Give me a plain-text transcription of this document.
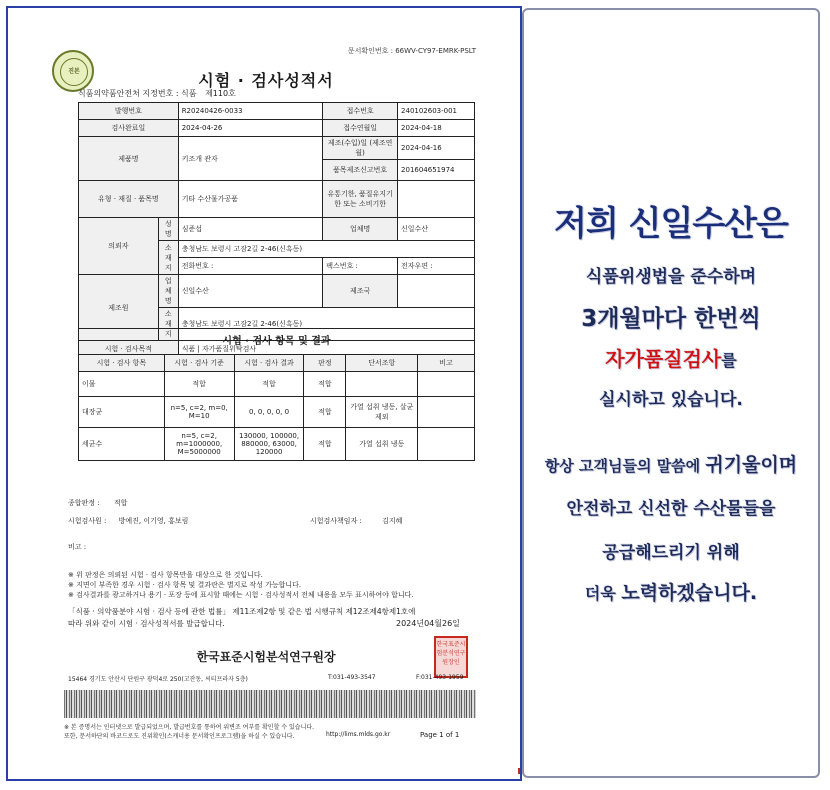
진본
문서확인번호 : 66WV-CY97-EMRK-PSLT
시험 · 검사성적서
식품의약품안전처 지정번호 : 식품 제110호
발행번호		R20240426-0033	접수번호	240102603-001
검사완료일		2024-04-26	접수연월일	2024-04-18
제품명		키조개 관자	제조(수입)일 (제조연월)	2024-04-16
			품목제조신고번호	201604651974
유형 · 재질 · 품목명		기타 수산물가공품	유통기한, 품질유지기한 또는 소비기한	
의뢰자	성명	심준섭	업체명	신일수산
	소재지	충청남도 보령시 고잠2길 2-46(신흑동)		
		전화번호 :	팩스번호 :	전자우편 :
제조원	업체명	신일수산	제조국	
	소재지	충청남도 보령시 고잠2길 2-46(신흑동)		
시험 · 검사목적		식품 | 자가품질위탁검사		
시험 · 검사 항목 및 결과
시험 · 검사 항목	시험 · 검사 기준	시험 · 검사 결과	판정	단서조항	비고
이물	적합	적합	적합		
대장균	n=5, c=2, m=0, M=10	0, 0, 0, 0, 0	적합	가열 섭취 냉동, 살균제외	
세균수	n=5, c=2, m=1000000, M=5000000	130000, 100000, 880000, 63000, 120000	적합	가열 섭취 냉동	
종합판정 : 적합
시험검사원 : 방예진, 이기영, 홍보림	시험검사책임자 :	김지혜
비고 :
※ 위 판정은 의뢰된 시험 · 검사 항목만을 대상으로 한 것입니다.
※ 지면이 부족한 경우 시험 · 검사 항목 및 결과란은 별지로 작성 가능합니다.
※ 검사결과를 광고하거나 용기 · 포장 등에 표시할 때에는 시험 · 검사성적서 전체 내용을 모두 표시하여야 합니다.
「식품 · 의약품분야 시험 · 검사 등에 관한 법률」 제11조제2항 및 같은 법 시행규칙 제12조제4항제1호에
따라 위와 같이 시험 · 검사성적서를 발급합니다.	2024년04월26일
한국표준시험분석연구원장
한국표준시험분석연구원장인
15464 경기도 안산시 단원구 광덕4로 250(고잔동, 씨티프라자 5층)	T:031-493-3547	F:031-493-1959
※ 본 증명서는 인터넷으로 발급되었으며, 발급번호를 통하여 위변조 여부를 확인할 수 있습니다.
또한, 문서하단의 바코드로도 진위확인(스캐너용 문서확인프로그램)을 하실 수 있습니다.	http://lims.mlds.go.kr	Page 1 of 1
저희 신일수산은
식품위생법을 준수하며
3개월마다 한번씩
자가품질검사를
실시하고 있습니다.
항상 고객님들의 말씀에 귀기울이며
안전하고 신선한 수산물들을
공급해드리기 위해
더욱 노력하겠습니다.
